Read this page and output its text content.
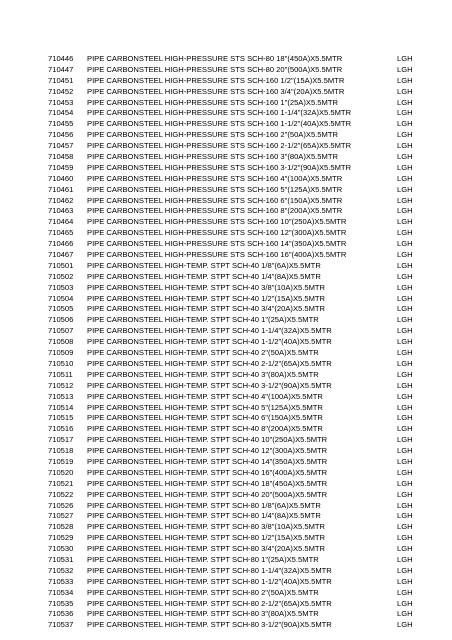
710446 PIPE CARBONSTEEL HIGH-PRESSURE STS SCH-80 18"(450A)X5.5MTR	LGH
710447 PIPE CARBONSTEEL HIGH-PRESSURE STS SCH-80 20"(500A)X5.5MTR	LGH
710451 PIPE CARBONSTEEL HIGH-PRESSURE STS SCH-160 1/2"(15A)X5.5MTR	LGH
710452 PIPE CARBONSTEEL HIGH-PRESSURE STS SCH-160 3/4"(20A)X5.5MTR	LGH
710453 PIPE CARBONSTEEL HIGH-PRESSURE STS SCH-160 1"(25A)X5.5MTR	LGH
710454 PIPE CARBONSTEEL HIGH-PRESSURE STS SCH-160 1-1/4"(32A)X5.5MTR	LGH
710455 PIPE CARBONSTEEL HIGH-PRESSURE STS SCH-160 1-1/2"(40A)X5.5MTR	LGH
710456 PIPE CARBONSTEEL HIGH-PRESSURE STS SCH-160 2"(50A)X5.5MTR	LGH
710457 PIPE CARBONSTEEL HIGH-PRESSURE STS SCH-160 2-1/2"(65A)X5.5MTR	LGH
710458 PIPE CARBONSTEEL HIGH-PRESSURE STS SCH-160 3"(80A)X5.5MTR	LGH
710459 PIPE CARBONSTEEL HIGH-PRESSURE STS SCH-160 3-1/2"(90A)X5.5MTR	LGH
710460 PIPE CARBONSTEEL HIGH-PRESSURE STS SCH-160 4"(100A)X5.5MTR	LGH
710461 PIPE CARBONSTEEL HIGH-PRESSURE STS SCH-160 5"(125A)X5.5MTR	LGH
710462 PIPE CARBONSTEEL HIGH-PRESSURE STS SCH-160 6"(150A)X5.5MTR	LGH
710463 PIPE CARBONSTEEL HIGH-PRESSURE STS SCH-160 8"(200A)X5.5MTR	LGH
710464 PIPE CARBONSTEEL HIGH-PRESSURE STS SCH-160 10"(250A)X5.5MTR	LGH
710465 PIPE CARBONSTEEL HIGH-PRESSURE STS SCH-160 12"(300A)X5.5MTR	LGH
710466 PIPE CARBONSTEEL HIGH-PRESSURE STS SCH-160 14"(350A)X5.5MTR	LGH
710467 PIPE CARBONSTEEL HIGH-PRESSURE STS SCH-160 16"(400A)X5.5MTR	LGH
710501 PIPE CARBONSTEEL HIGH-TEMP. STPT SCH-40 1/8"(6A)X5.5MTR	LGH
710502 PIPE CARBONSTEEL HIGH-TEMP. STPT SCH-40 1/4"(8A)X5.5MTR	LGH
710503 PIPE CARBONSTEEL HIGH-TEMP. STPT SCH-40 3/8"(10A)X5.5MTR	LGH
710504 PIPE CARBONSTEEL HIGH-TEMP. STPT SCH-40 1/2"(15A)X5.5MTR	LGH
710505 PIPE CARBONSTEEL HIGH-TEMP. STPT SCH-40 3/4"(20A)X5.5MTR	LGH
710506 PIPE CARBONSTEEL HIGH-TEMP. STPT SCH-40 1"(25A)X5.5MTR	LGH
710507 PIPE CARBONSTEEL HIGH-TEMP. STPT SCH-40 1-1/4"(32A)X5.5MTR	LGH
710508 PIPE CARBONSTEEL HIGH-TEMP. STPT SCH-40 1-1/2"(40A)X5.5MTR	LGH
710509 PIPE CARBONSTEEL HIGH-TEMP. STPT SCH-40 2"(50A)X5.5MTR	LGH
710510 PIPE CARBONSTEEL HIGH-TEMP. STPT SCH-40 2-1/2"(65A)X5.5MTR	LGH
710511 PIPE CARBONSTEEL HIGH-TEMP. STPT SCH-40 3"(80A)X5.5MTR	LGH
710512 PIPE CARBONSTEEL HIGH-TEMP. STPT SCH-40 3-1/2"(90A)X5.5MTR	LGH
710513 PIPE CARBONSTEEL HIGH-TEMP. STPT SCH-40 4"(100A)X5.5MTR	LGH
710514 PIPE CARBONSTEEL HIGH-TEMP. STPT SCH-40 5"(125A)X5.5MTR	LGH
710515 PIPE CARBONSTEEL HIGH-TEMP. STPT SCH-40 6"(150A)X5.5MTR	LGH
710516 PIPE CARBONSTEEL HIGH-TEMP. STPT SCH-40 8"(200A)X5.5MTR	LGH
710517 PIPE CARBONSTEEL HIGH-TEMP. STPT SCH-40 10"(250A)X5.5MTR	LGH
710518 PIPE CARBONSTEEL HIGH-TEMP. STPT SCH-40 12"(300A)X5.5MTR	LGH
710519 PIPE CARBONSTEEL HIGH-TEMP. STPT SCH-40 14"(350A)X5.5MTR	LGH
710520 PIPE CARBONSTEEL HIGH-TEMP. STPT SCH-40 16"(400A)X5.5MTR	LGH
710521 PIPE CARBONSTEEL HIGH-TEMP. STPT SCH-40 18"(450A)X5.5MTR	LGH
710522 PIPE CARBONSTEEL HIGH-TEMP. STPT SCH-40 20"(500A)X5.5MTR	LGH
710526 PIPE CARBONSTEEL HIGH-TEMP. STPT SCH-80 1/8"(6A)X5.5MTR	LGH
710527 PIPE CARBONSTEEL HIGH-TEMP. STPT SCH-80 1/4"(8A)X5.5MTR	LGH
710528 PIPE CARBONSTEEL HIGH-TEMP. STPT SCH-80 3/8"(10A)X5.5MTR	LGH
710529 PIPE CARBONSTEEL HIGH-TEMP. STPT SCH-80 1/2"(15A)X5.5MTR	LGH
710530 PIPE CARBONSTEEL HIGH-TEMP. STPT SCH-80 3/4"(20A)X5.5MTR	LGH
710531 PIPE CARBONSTEEL HIGH-TEMP. STPT SCH-80 1"(25A)X5.5MTR	LGH
710532 PIPE CARBONSTEEL HIGH-TEMP. STPT SCH-80 1-1/4"(32A)X5.5MTR	LGH
710533 PIPE CARBONSTEEL HIGH-TEMP. STPT SCH-80 1-1/2"(40A)X5.5MTR	LGH
710534 PIPE CARBONSTEEL HIGH-TEMP. STPT SCH-80 2"(50A)X5.5MTR	LGH
710535 PIPE CARBONSTEEL HIGH-TEMP. STPT SCH-80 2-1/2"(65A)X5.5MTR	LGH
710536 PIPE CARBONSTEEL HIGH-TEMP. STPT SCH-80 3"(80A)X5.5MTR	LGH
710537 PIPE CARBONSTEEL HIGH-TEMP. STPT SCH-80 3-1/2"(90A)X5.5MTR	LGH
